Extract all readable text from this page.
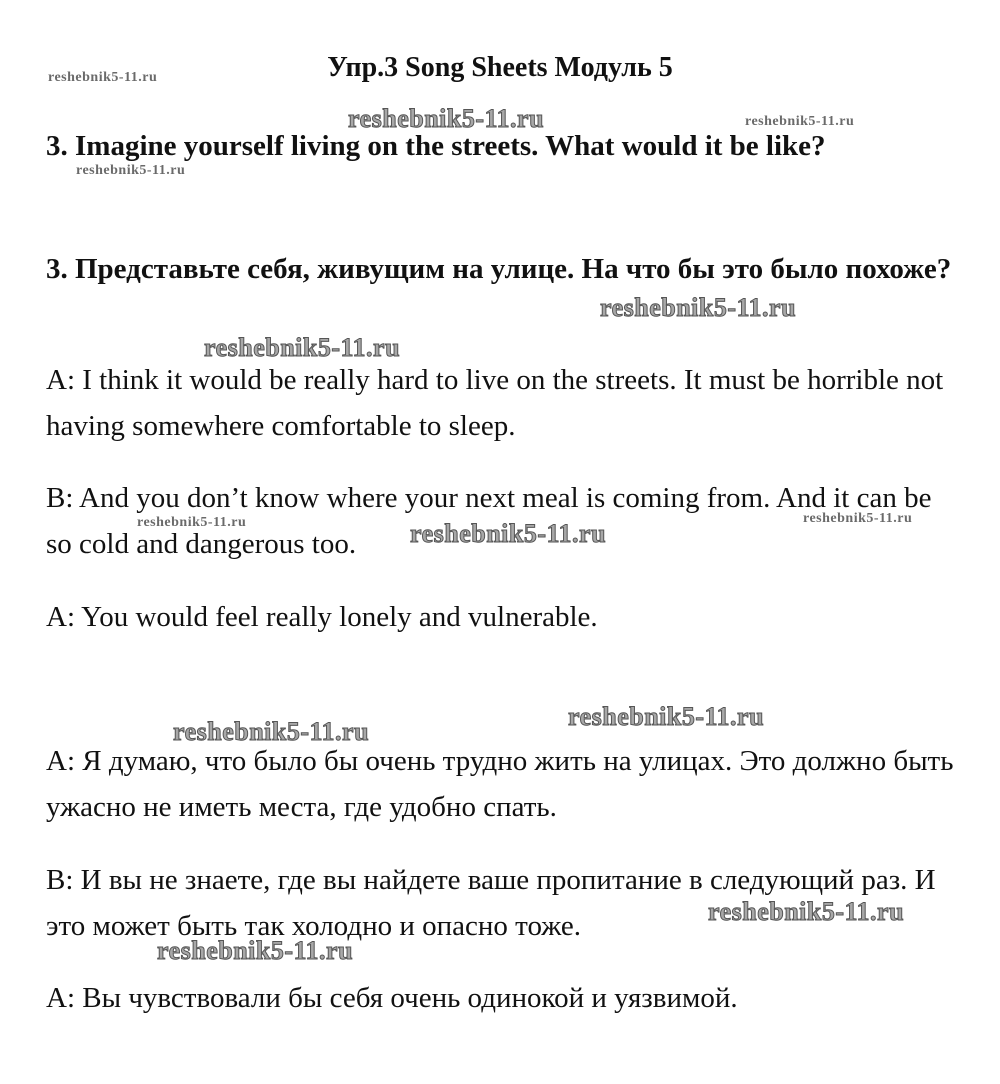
Упр.3 Song Sheets Модуль 5
3. Imagine yourself living on the streets. What would it be like?
3. Представьте себя, живущим на улице. На что бы это было похоже?
A: I think it would be really hard to live on the streets. It must be horrible not having somewhere comfortable to sleep.
B: And you don’t know where your next meal is coming from. And it can be so cold and dangerous too.
A: You would feel really lonely and vulnerable.
A: Я думаю, что было бы очень трудно жить на улицах. Это должно быть ужасно не иметь места, где удобно спать.
B: И вы не знаете, где вы найдете ваше пропитание в следующий раз. И это может быть так холодно и опасно тоже.
A: Вы чувствовали бы себя очень одинокой и уязвимой.
reshebnik5-11.ru
reshebnik5-11.ru	reshebnik5-11.ru
reshebnik5-11.ru
reshebnik5-11.ru
reshebnik5-11.ru
reshebnik5-11.ru	reshebnik5-11.ru
reshebnik5-11.ru
reshebnik5-11.ru
reshebnik5-11.ru
reshebnik5-11.ru
reshebnik5-11.ru
